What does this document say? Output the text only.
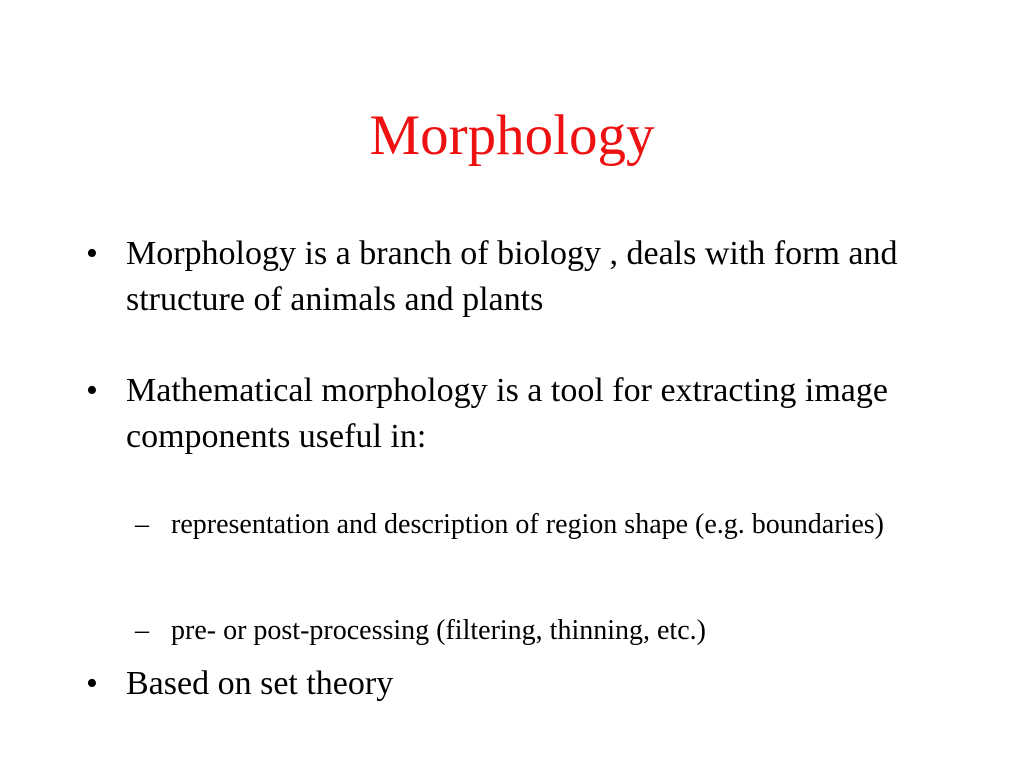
Morphology
• Morphology is a branch of biology , deals with form and structure of animals and plants
• Mathematical morphology is a tool for extracting image components useful in:
– representation and description of region shape (e.g. boundaries)
– pre- or post-processing (filtering, thinning, etc.)
• Based on set theory
